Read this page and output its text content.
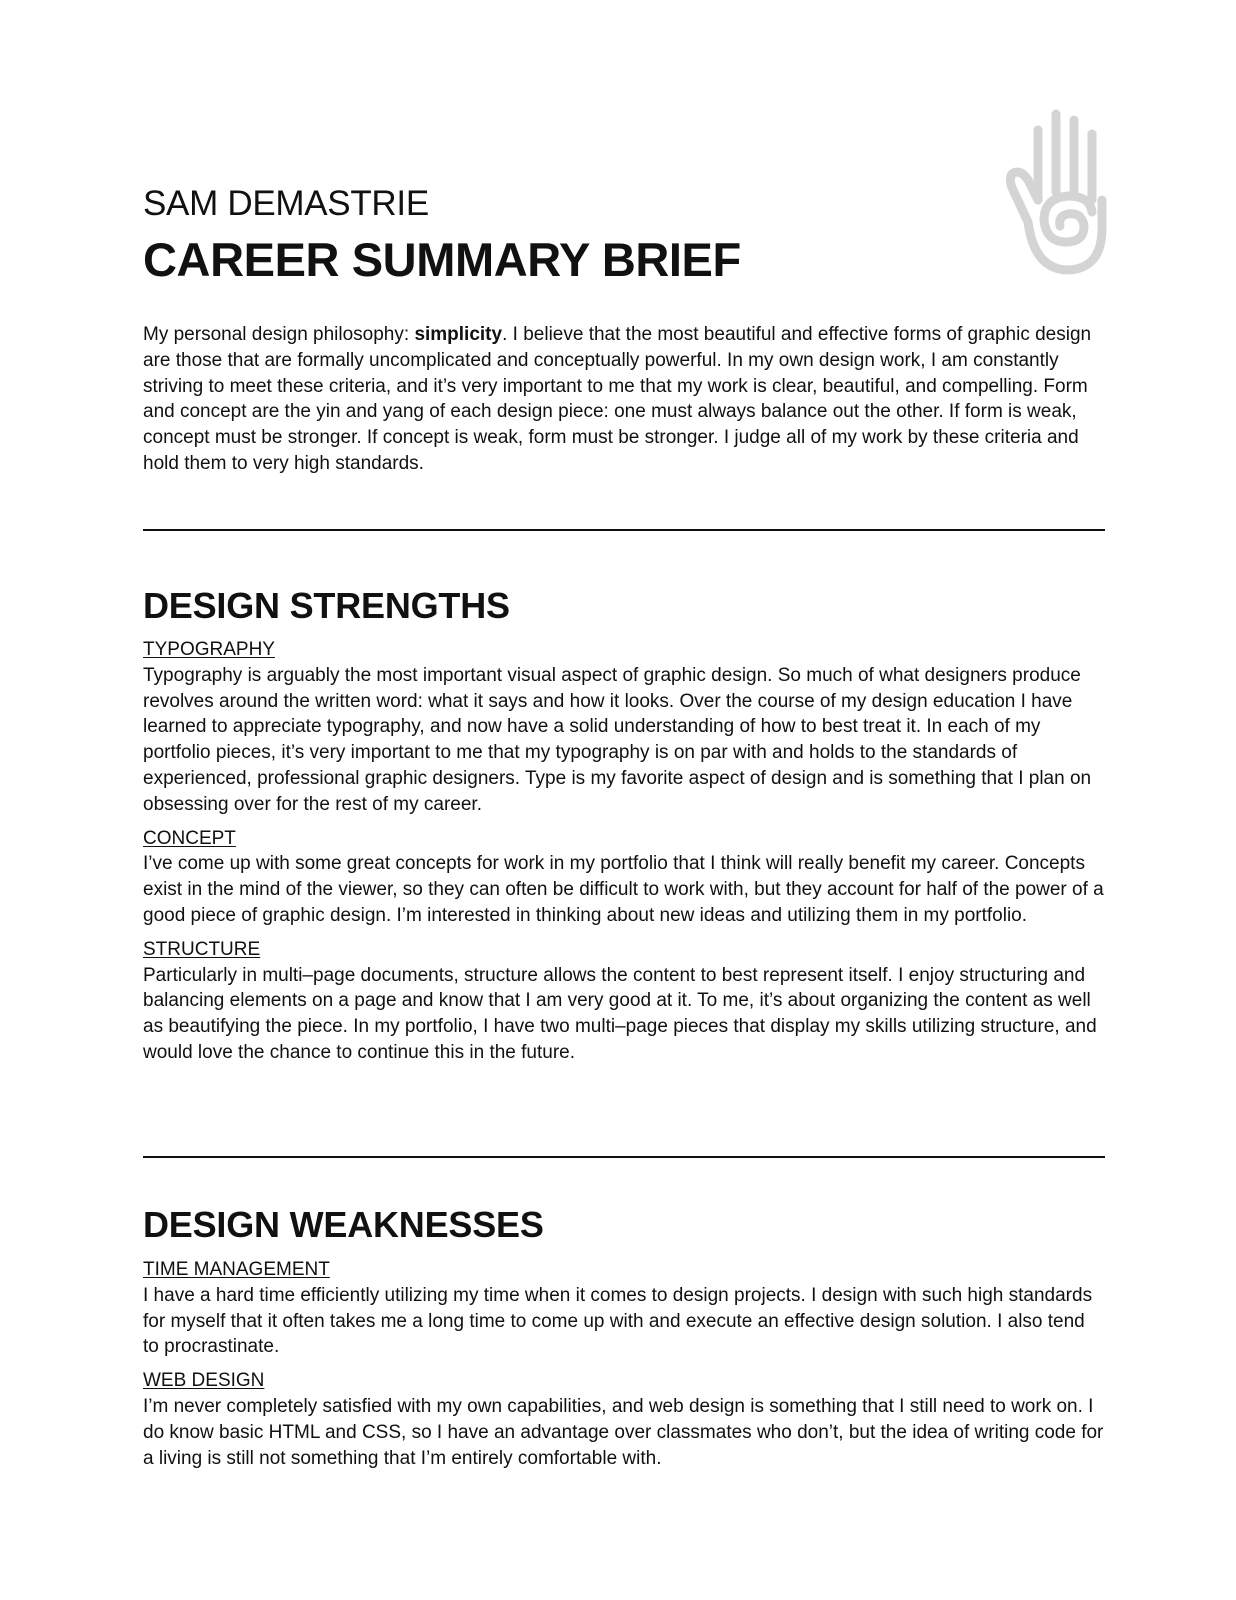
SAM DEMASTRIE
CAREER SUMMARY BRIEF

My personal design philosophy: simplicity. I believe that the most beautiful and effective forms of graphic design are those that are formally uncomplicated and conceptually powerful. In my own design work, I am constantly striving to meet these criteria, and it’s very important to me that my work is clear, beautiful, and compelling. Form and concept are the yin and yang of each design piece: one must always balance out the other. If form is weak, concept must be stronger. If concept is weak, form must be stronger. I judge all of my work by these criteria and hold them to very high standards.

DESIGN STRENGTHS

TYPOGRAPHY

Typography is arguably the most important visual aspect of graphic design. So much of what designers produce revolves around the written word: what it says and how it looks. Over the course of my design education I have learned to appreciate typography, and now have a solid understanding of how to best treat it. In each of my portfolio pieces, it’s very important to me that my typography is on par with and holds to the standards of experienced, professional graphic designers. Type is my favorite aspect of design and is something that I plan on obsessing over for the rest of my career.

CONCEPT

I’ve come up with some great concepts for work in my portfolio that I think will really benefit my career. Concepts exist in the mind of the viewer, so they can often be difficult to work with, but they account for half of the power of a good piece of graphic design. I’m interested in thinking about new ideas and utilizing them in my portfolio.

STRUCTURE

Particularly in multi–page documents, structure allows the content to best represent itself. I enjoy structuring and balancing elements on a page and know that I am very good at it. To me, it’s about organizing the content as well as beautifying the piece. In my portfolio, I have two multi–page pieces that display my skills utilizing structure, and would love the chance to continue this in the future.

DESIGN WEAKNESSES

TIME MANAGEMENT

I have a hard time efficiently utilizing my time when it comes to design projects. I design with such high standards for myself that it often takes me a long time to come up with and execute an effective design solution. I also tend to procrastinate.

WEB DESIGN

I’m never completely satisfied with my own capabilities, and web design is something that I still need to work on. I do know basic HTML and CSS, so I have an advantage over classmates who don’t, but the idea of writing code for a living is still not something that I’m entirely comfortable with.
